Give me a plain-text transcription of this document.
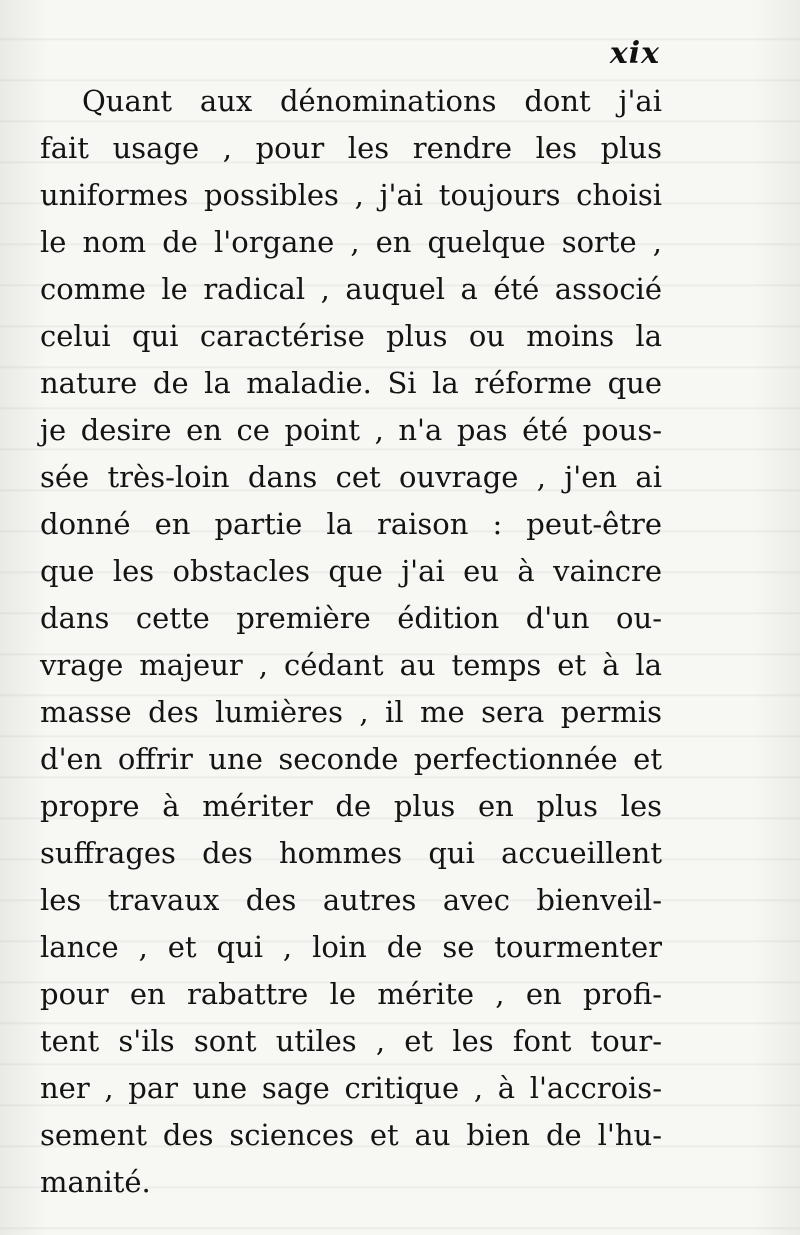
xix
Quant aux dénominations dont j'ai
fait usage , pour les rendre les plus
uniformes possibles , j'ai toujours choisi
le nom de l'organe , en quelque sorte ,
comme le radical , auquel a été associé
celui qui caractérise plus ou moins la
nature de la maladie. Si la réforme que
je desire en ce point , n'a pas été pous-
sée très-loin dans cet ouvrage , j'en ai
donné en partie la raison : peut-être
que les obstacles que j'ai eu à vaincre
dans cette première édition d'un ou-
vrage majeur , cédant au temps et à la
masse des lumières , il me sera permis
d'en offrir une seconde perfectionnée et
propre à mériter de plus en plus les
suffrages des hommes qui accueillent
les travaux des autres avec bienveil-
lance , et qui , loin de se tourmenter
pour en rabattre le mérite , en profi-
tent s'ils sont utiles , et les font tour-
ner , par une sage critique , à l'accrois-
sement des sciences et au bien de l'hu-
manité.
